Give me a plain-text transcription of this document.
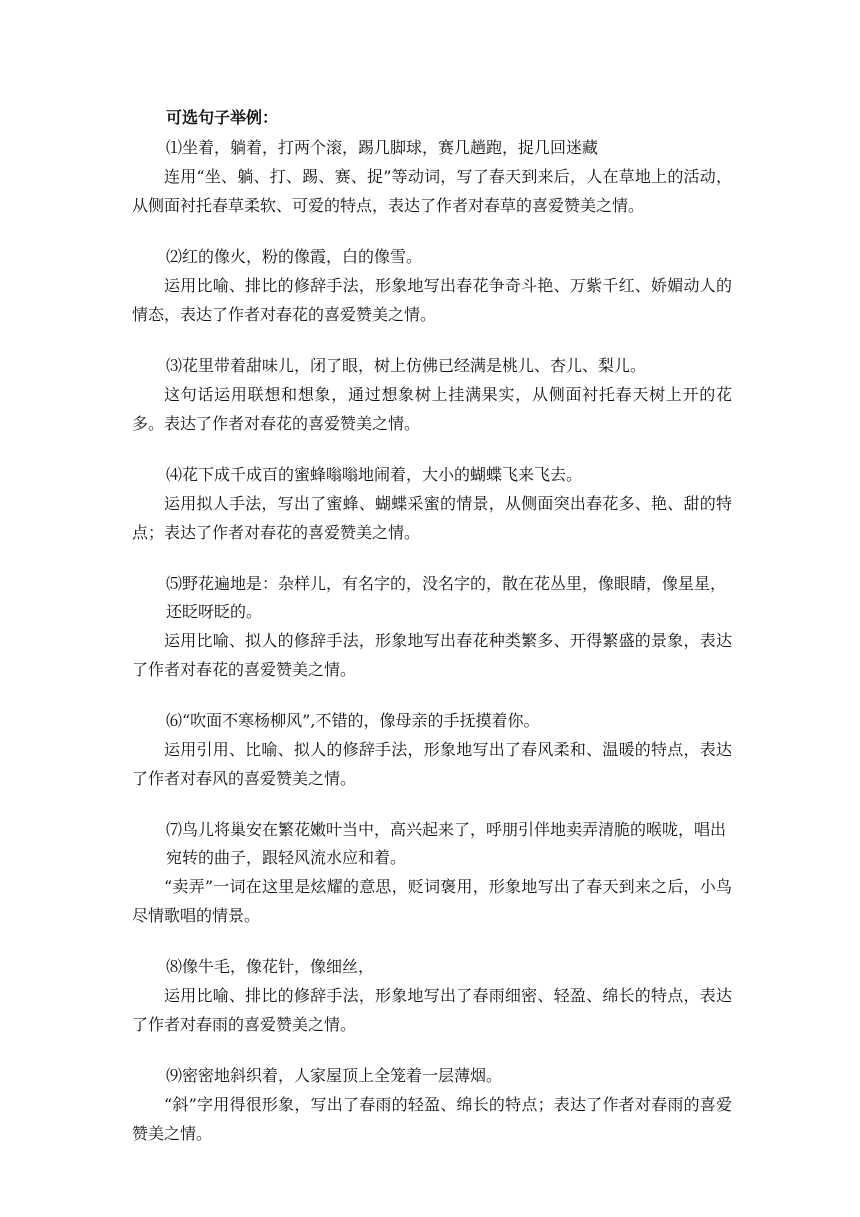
可选句子举例：

⑴坐着，躺着，打两个滚，踢几脚球，赛几趟跑，捉几回迷藏

连用“坐、躺、打、踢、赛、捉”等动词，写了春天到来后，人在草地上的活动，从侧面衬托春草柔软、可爱的特点，表达了作者对春草的喜爱赞美之情。

⑵红的像火，粉的像霞，白的像雪。

运用比喻、排比的修辞手法，形象地写出春花争奇斗艳、万紫千红、娇媚动人的情态，表达了作者对春花的喜爱赞美之情。

⑶花里带着甜味儿，闭了眼，树上仿佛已经满是桃儿、杏儿、梨儿。

这句话运用联想和想象，通过想象树上挂满果实，从侧面衬托春天树上开的花多。表达了作者对春花的喜爱赞美之情。

⑷花下成千成百的蜜蜂嗡嗡地闹着，大小的蝴蝶飞来飞去。

运用拟人手法，写出了蜜蜂、蝴蝶采蜜的情景，从侧面突出春花多、艳、甜的特点；表达了作者对春花的喜爱赞美之情。

⑸野花遍地是：杂样儿，有名字的，没名字的，散在花丛里，像眼睛，像星星，还眨呀眨的。

运用比喻、拟人的修辞手法，形象地写出春花种类繁多、开得繁盛的景象，表达了作者对春花的喜爱赞美之情。

⑹“吹面不寒杨柳风”,不错的，像母亲的手抚摸着你。

运用引用、比喻、拟人的修辞手法，形象地写出了春风柔和、温暖的特点，表达了作者对春风的喜爱赞美之情。

⑺鸟儿将巢安在繁花嫩叶当中，高兴起来了，呼朋引伴地卖弄清脆的喉咙，唱出宛转的曲子，跟轻风流水应和着。

“卖弄”一词在这里是炫耀的意思，贬词褒用，形象地写出了春天到来之后，小鸟尽情歌唱的情景。

⑻像牛毛，像花针，像细丝，

运用比喻、排比的修辞手法，形象地写出了春雨细密、轻盈、绵长的特点，表达了作者对春雨的喜爱赞美之情。

⑼密密地斜织着，人家屋顶上全笼着一层薄烟。

“斜”字用得很形象，写出了春雨的轻盈、绵长的特点；表达了作者对春雨的喜爱赞美之情。
